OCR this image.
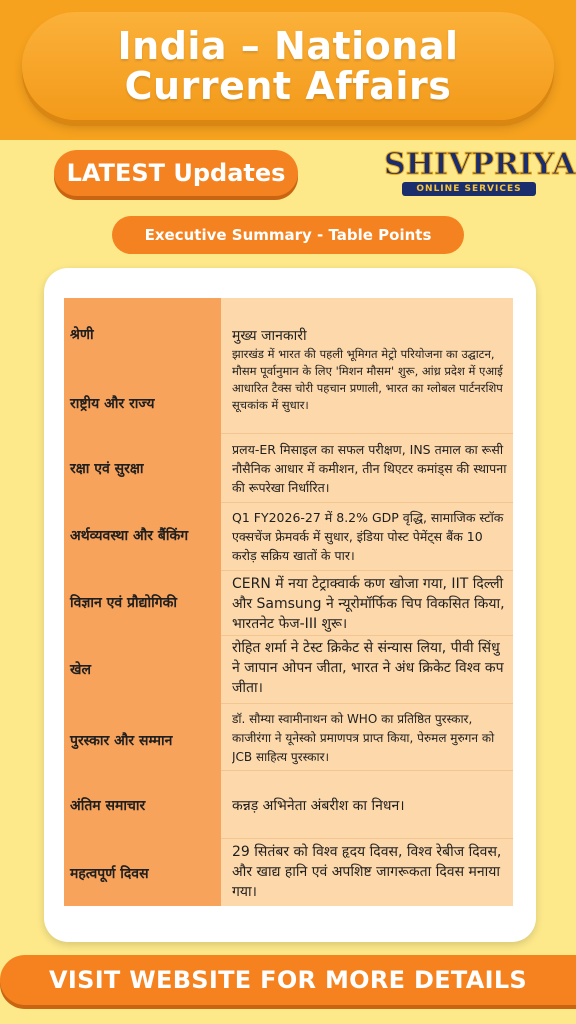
India – National
Current Affairs
LATEST Updates	SHIVPRIYA
ONLINE SERVICES
Executive Summary - Table Points
श्रेणी
राष्ट्रीय और राज्य
मुख्य जानकारी
झारखंड में भारत की पहली भूमिगत मेट्रो परियोजना का उद्घाटन, मौसम पूर्वानुमान के लिए 'मिशन मौसम' शुरू, आंध्र प्रदेश में एआई आधारित टैक्स चोरी पहचान प्रणाली, भारत का ग्लोबल पार्टनरशिप सूचकांक में सुधार।
रक्षा एवं सुरक्षा
प्रलय-ER मिसाइल का सफल परीक्षण, INS तमाल का रूसी नौसैनिक आधार में कमीशन, तीन थिएटर कमांड्स की स्थापना की रूपरेखा निर्धारित।
अर्थव्यवस्था और बैंकिंग
Q1 FY2026-27 में 8.2% GDP वृद्धि, सामाजिक स्टॉक एक्सचेंज फ्रेमवर्क में सुधार, इंडिया पोस्ट पेमेंट्स बैंक 10 करोड़ सक्रिय खातों के पार।
विज्ञान एवं प्रौद्योगिकी
CERN में नया टेट्राक्वार्क कण खोजा गया, IIT दिल्ली और Samsung ने न्यूरोमॉर्फिक चिप विकसित किया, भारतनेट फेज-III शुरू।
खेल
रोहित शर्मा ने टेस्ट क्रिकेट से संन्यास लिया, पीवी सिंधु ने जापान ओपन जीता, भारत ने अंध क्रिकेट विश्व कप जीता।
पुरस्कार और सम्मान
डॉ. सौम्या स्वामीनाथन को WHO का प्रतिष्ठित पुरस्कार, काजीरंगा ने यूनेस्को प्रमाणपत्र प्राप्त किया, पेरुमल मुरुगन को JCB साहित्य पुरस्कार।
अंतिम समाचार	कन्नड़ अभिनेता अंबरीश का निधन।
महत्वपूर्ण दिवस
29 सितंबर को विश्व हृदय दिवस, विश्व रेबीज दिवस, और खाद्य हानि एवं अपशिष्ट जागरूकता दिवस मनाया गया।
VISIT WEBSITE FOR MORE DETAILS
